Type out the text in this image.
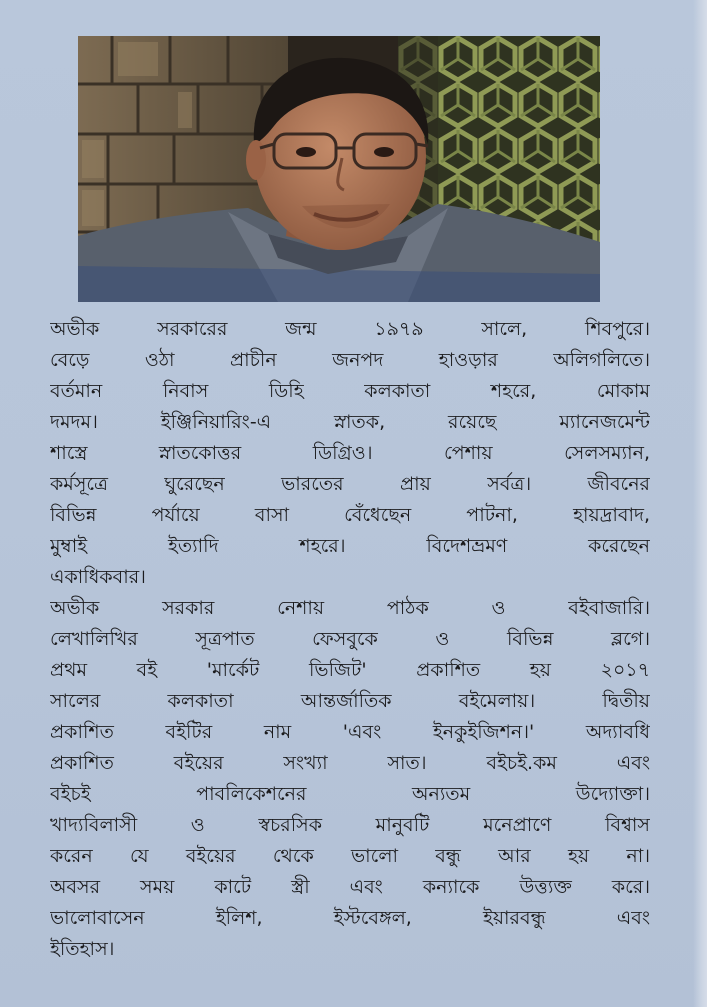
অভীক সরকারের জন্ম ১৯৭৯ সালে, শিবপুরে।
বেড়ে ওঠা প্রাচীন জনপদ হাওড়ার অলিগলিতে।
বর্তমান নিবাস ডিহি কলকাতা শহরে, মোকাম
দমদম। ইঞ্জিনিয়ারিং-এ স্নাতক, রয়েছে ম্যানেজমেন্ট
শাস্ত্রে স্নাতকোত্তর ডিগ্রিও। পেশায় সেলসম্যান,
কর্মসূত্রে ঘুরেছেন ভারতের প্রায় সর্বত্র। জীবনের
বিভিন্ন পর্যায়ে বাসা বেঁধেছেন পাটনা, হায়দ্রাবাদ,
মুম্বাই ইত্যাদি শহরে। বিদেশভ্রমণ করেছেন
একাধিকবার।
অভীক সরকার নেশায় পাঠক ও বইবাজারি।
লেখালিখির সূত্রপাত ফেসবুকে ও বিভিন্ন ব্লগে।
প্রথম বই 'মার্কেট ভিজিট' প্রকাশিত হয় ২০১৭
সালের কলকাতা আন্তর্জাতিক বইমেলায়। দ্বিতীয়
প্রকাশিত বইটির নাম 'এবং ইনকুইজিশন।' অদ্যাবধি
প্রকাশিত বইয়ের সংখ্যা সাত। বইচই.কম এবং
বইচই পাবলিকেশনের অন্যতম উদ্যোক্তা।
খাদ্যবিলাসী ও স্বচরসিক মানুবটি মনেপ্রাণে বিশ্বাস
করেন যে বইয়ের থেকে ভালো বন্ধু আর হয় না।
অবসর সময় কাটে স্ত্রী এবং কন্যাকে উত্ত্যক্ত করে।
ভালোবাসেন ইলিশ, ইস্টবেঙ্গল, ইয়ারবন্ধু এবং
ইতিহাস।
